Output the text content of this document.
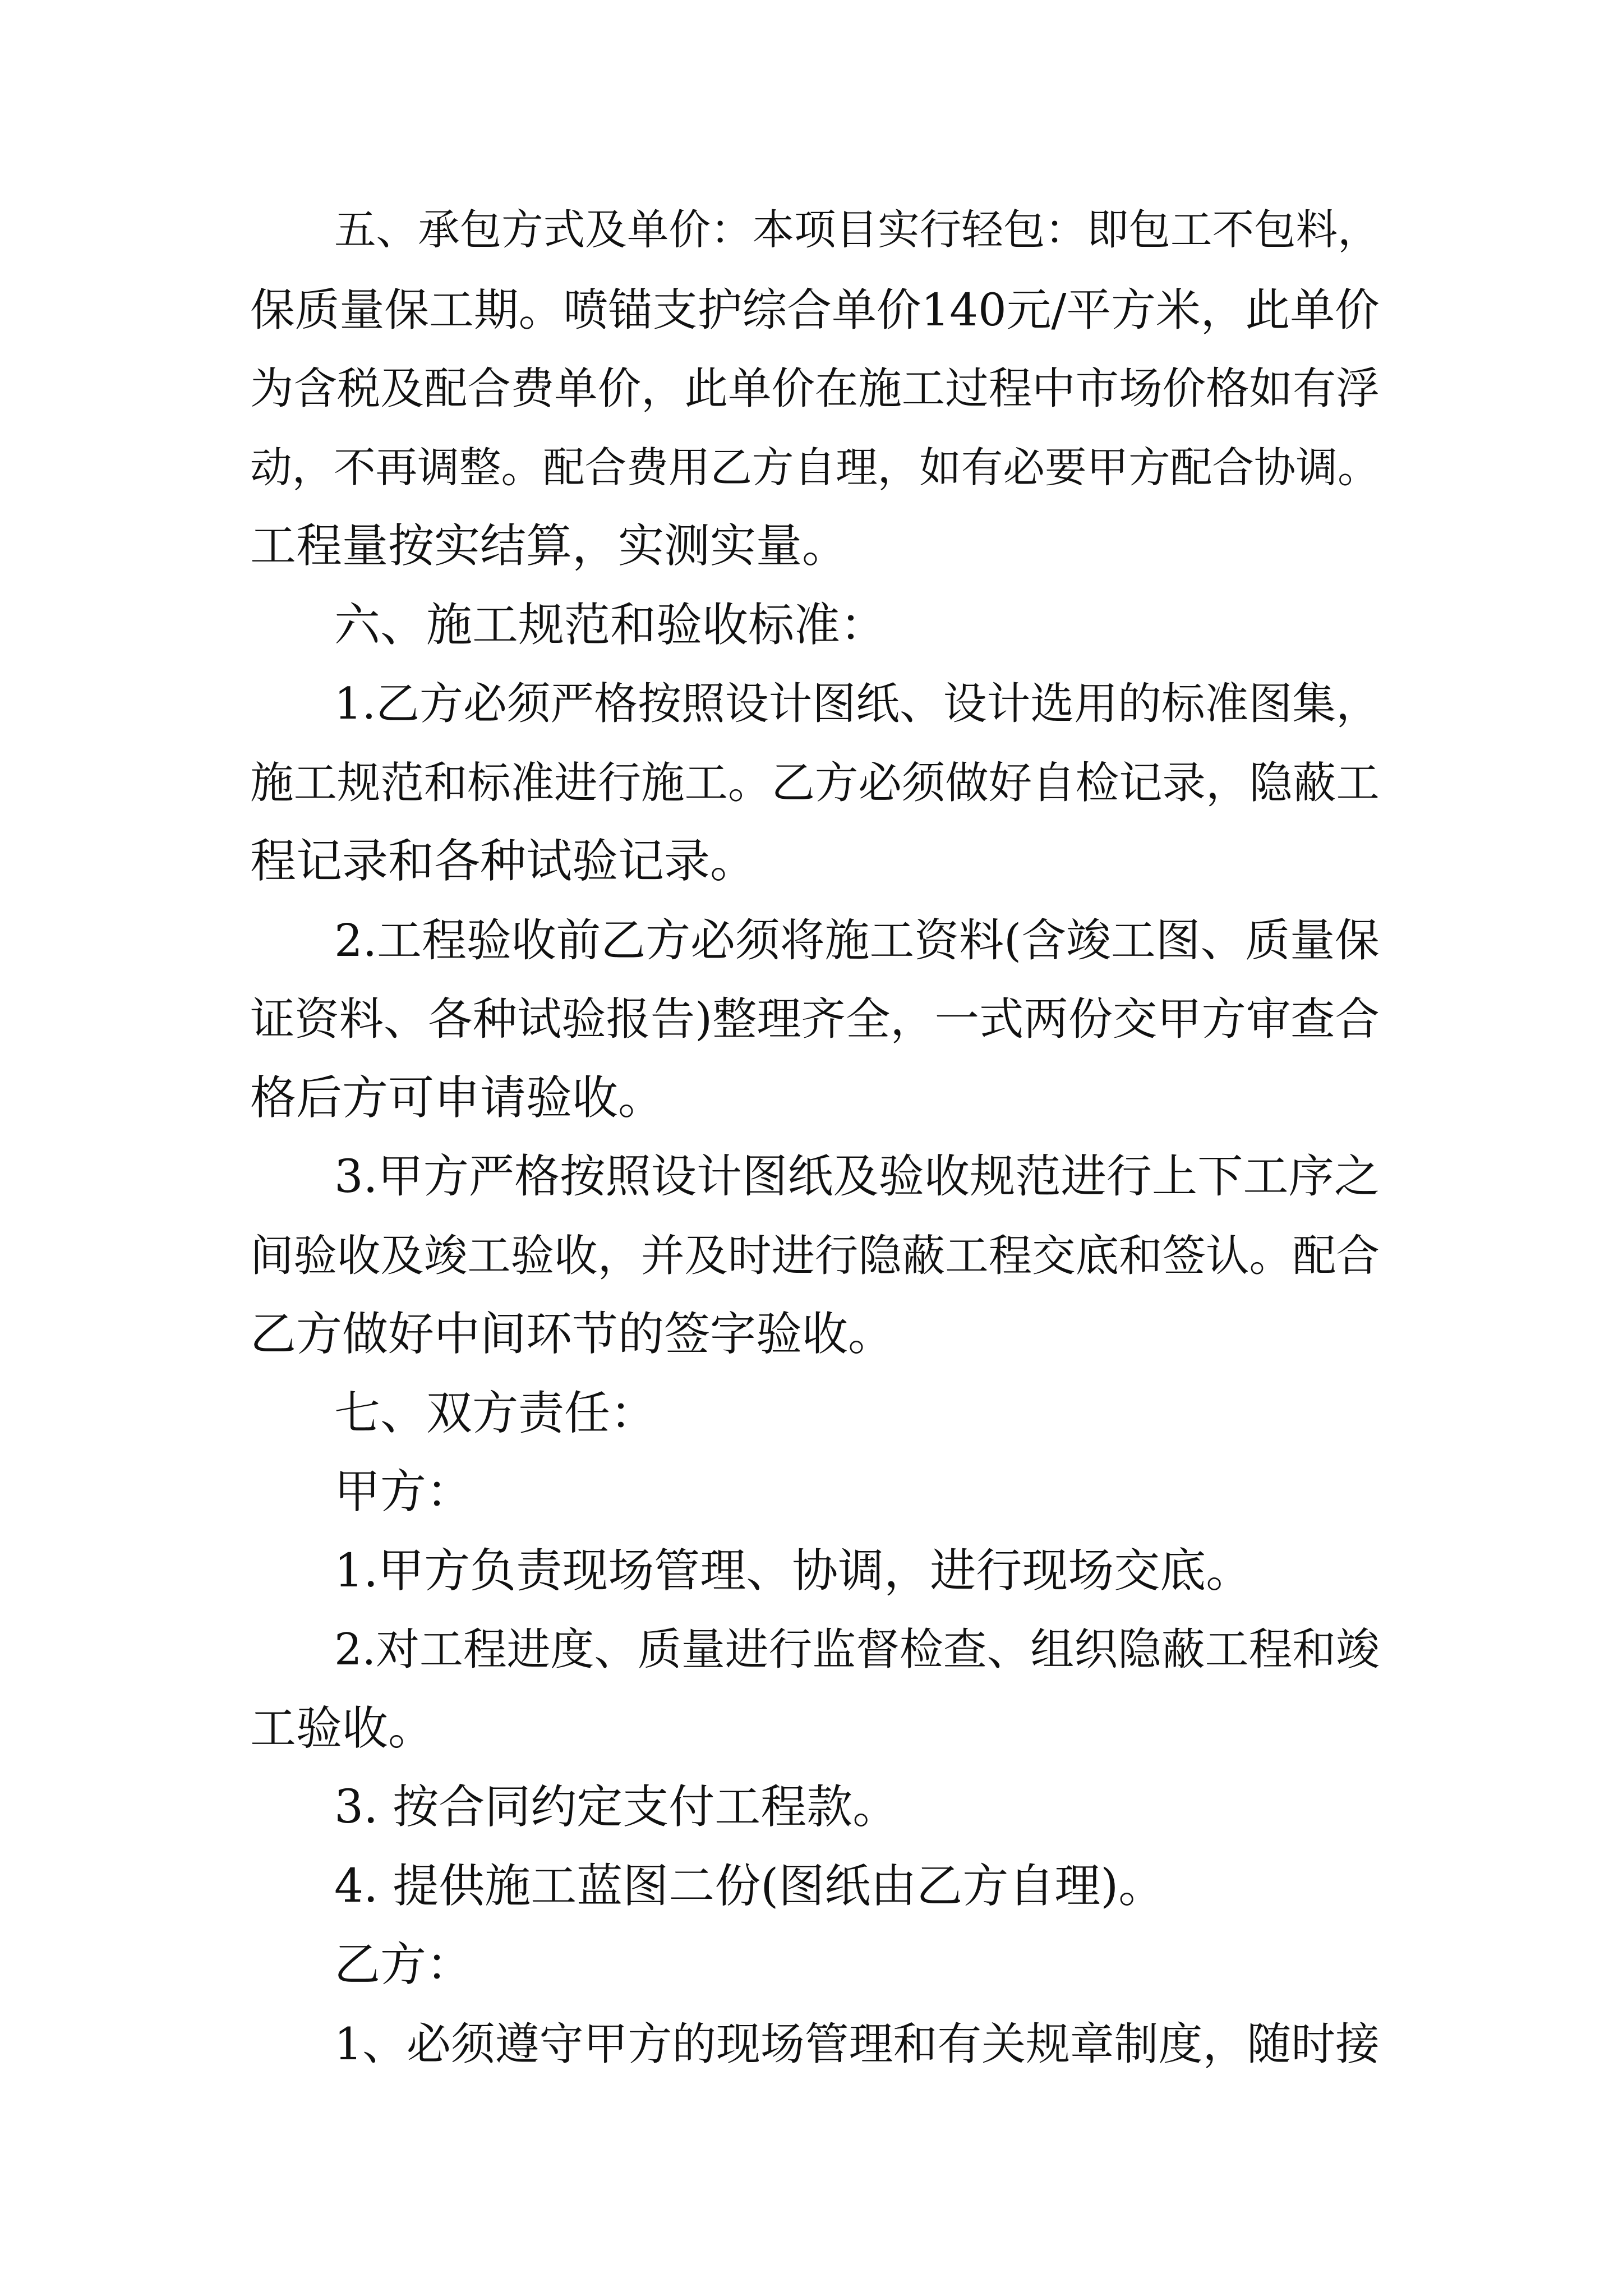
五、承包方式及单价：本项目实行轻包：即包工不包料，

保质量保工期。喷锚支护综合单价140元/平方米，此单价

为含税及配合费单价，此单价在施工过程中市场价格如有浮

动，不再调整。配合费用乙方自理，如有必要甲方配合协调。

工程量按实结算，实测实量。

六、施工规范和验收标准：

1.乙方必须严格按照设计图纸、设计选用的标准图集，

施工规范和标准进行施工。乙方必须做好自检记录，隐蔽工

程记录和各种试验记录。

2.工程验收前乙方必须将施工资料(含竣工图、质量保

证资料、各种试验报告)整理齐全，一式两份交甲方审查合

格后方可申请验收。

3.甲方严格按照设计图纸及验收规范进行上下工序之

间验收及竣工验收，并及时进行隐蔽工程交底和签认。配合

乙方做好中间环节的签字验收。

七、双方责任：

甲方：

1.甲方负责现场管理、协调，进行现场交底。

2.对工程进度、质量进行监督检查、组织隐蔽工程和竣

工验收。

3. 按合同约定支付工程款。

4. 提供施工蓝图二份(图纸由乙方自理)。

乙方：

1、必须遵守甲方的现场管理和有关规章制度，随时接
